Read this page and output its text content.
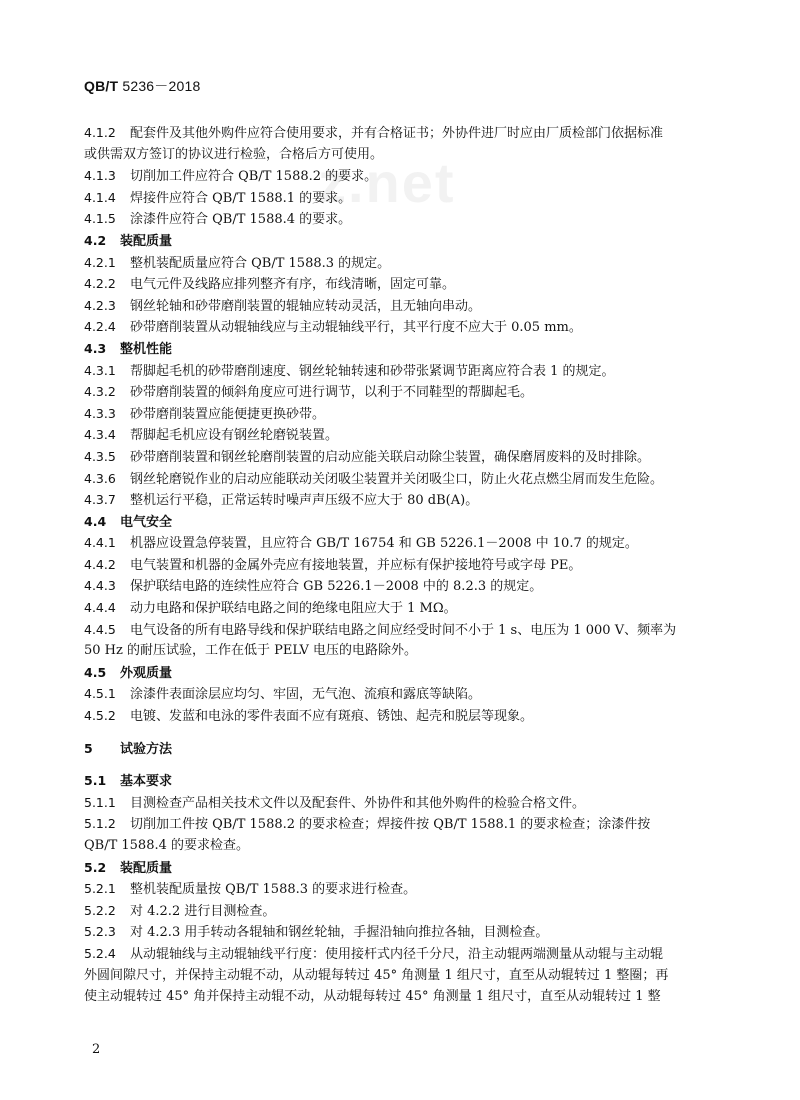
QB/T 5236－2018
z.net
4.1.2 配套件及其他外购件应符合使用要求，并有合格证书；外协件进厂时应由厂质检部门依据标准
或供需双方签订的协议进行检验，合格后方可使用。
4.1.3 切削加工件应符合 QB/T 1588.2 的要求。
4.1.4 焊接件应符合 QB/T 1588.1 的要求。
4.1.5 涂漆件应符合 QB/T 1588.4 的要求。
4.2 装配质量
4.2.1 整机装配质量应符合 QB/T 1588.3 的规定。
4.2.2 电气元件及线路应排列整齐有序，布线清晰，固定可靠。
4.2.3 钢丝轮轴和砂带磨削装置的辊轴应转动灵活，且无轴向串动。
4.2.4 砂带磨削装置从动辊轴线应与主动辊轴线平行，其平行度不应大于 0.05 mm。
4.3 整机性能
4.3.1 帮脚起毛机的砂带磨削速度、钢丝轮轴转速和砂带张紧调节距离应符合表 1 的规定。
4.3.2 砂带磨削装置的倾斜角度应可进行调节，以利于不同鞋型的帮脚起毛。
4.3.3 砂带磨削装置应能便捷更换砂带。
4.3.4 帮脚起毛机应设有钢丝轮磨锐装置。
4.3.5 砂带磨削装置和钢丝轮磨削装置的启动应能关联启动除尘装置，确保磨屑废料的及时排除。
4.3.6 钢丝轮磨锐作业的启动应能联动关闭吸尘装置并关闭吸尘口，防止火花点燃尘屑而发生危险。
4.3.7 整机运行平稳，正常运转时噪声声压级不应大于 80 dB(A)。
4.4 电气安全
4.4.1 机器应设置急停装置，且应符合 GB/T 16754 和 GB 5226.1－2008 中 10.7 的规定。
4.4.2 电气装置和机器的金属外壳应有接地装置，并应标有保护接地符号或字母 PE。
4.4.3 保护联结电路的连续性应符合 GB 5226.1－2008 中的 8.2.3 的规定。
4.4.4 动力电路和保护联结电路之间的绝缘电阻应大于 1 MΩ。
4.4.5 电气设备的所有电路导线和保护联结电路之间应经受时间不小于 1 s、电压为 1 000 V、频率为
50 Hz 的耐压试验，工作在低于 PELV 电压的电路除外。
4.5 外观质量
4.5.1 涂漆件表面涂层应均匀、牢固，无气泡、流痕和露底等缺陷。
4.5.2 电镀、发蓝和电泳的零件表面不应有斑痕、锈蚀、起壳和脱层等现象。
5 试验方法
5.1 基本要求
5.1.1 目测检查产品相关技术文件以及配套件、外协件和其他外购件的检验合格文件。
5.1.2 切削加工件按 QB/T 1588.2 的要求检查；焊接件按 QB/T 1588.1 的要求检查；涂漆件按
QB/T 1588.4 的要求检查。
5.2 装配质量
5.2.1 整机装配质量按 QB/T 1588.3 的要求进行检查。
5.2.2 对 4.2.2 进行目测检查。
5.2.3 对 4.2.3 用手转动各辊轴和钢丝轮轴，手握沿轴向推拉各轴，目测检查。
5.2.4 从动辊轴线与主动辊轴线平行度：使用接杆式内径千分尺，沿主动辊两端测量从动辊与主动辊
外圆间隙尺寸，并保持主动辊不动，从动辊每转过 45° 角测量 1 组尺寸，直至从动辊转过 1 整圈；再
使主动辊转过 45° 角并保持主动辊不动，从动辊每转过 45° 角测量 1 组尺寸，直至从动辊转过 1 整
2
